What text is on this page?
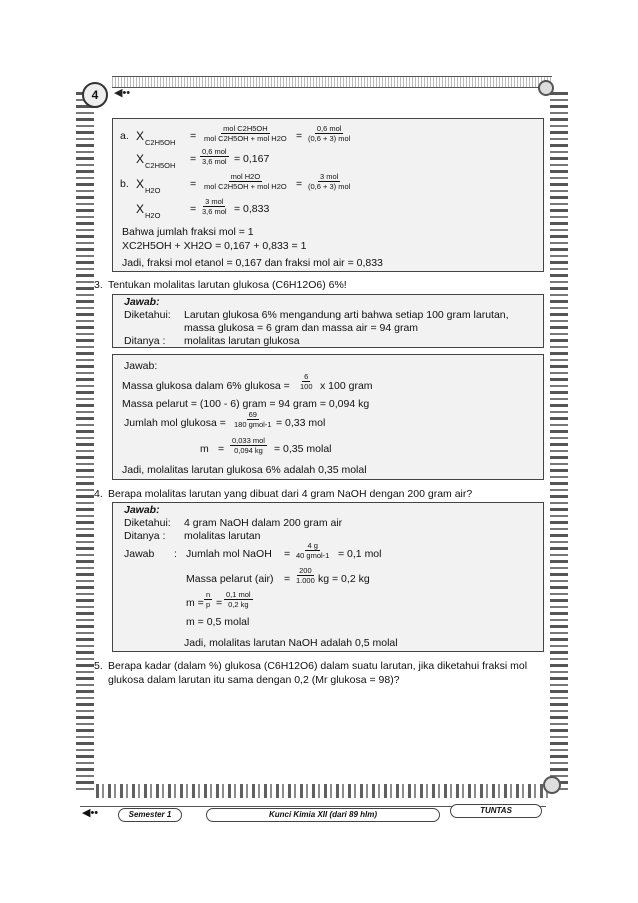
4	◀••
a. X C2H5OH
=
mol C2H5OH
mol C2H5OH + mol H2O =
0,6 mol
(0,6 + 3) mol
X C2H5OH
=
0,6 mol
3,6 mol = 0,167
b. X H2O
=
mol H2O
mol C2H5OH + mol H2O =
3 mol
(0,6 + 3) mol
X H2O
=
3 mol
3,6 mol = 0,833
Bahwa jumlah fraksi mol = 1
XC2H5OH + XH2O = 0,167 + 0,833 = 1
Jadi, fraksi mol etanol = 0,167 dan fraksi mol air = 0,833
3. Tentukan molalitas larutan glukosa (C6H12O6) 6%!
Jawab:
Diketahui: Larutan glukosa 6% mengandung arti bahwa setiap 100 gram larutan,
massa glukosa = 6 gram dan massa air = 94 gram
Ditanya : molalitas larutan glukosa
Jawab:
Massa glukosa dalam 6% glukosa = $\frac{6}{100}$ x 100 gram
Massa pelarut = (100 - 6) gram = 94 gram = 0,094 kg
Jumlah mol glukosa =
69
180 gmol-1 = 0,33 mol
m =
0,033 mol
0,094 kg = 0,35 molal
Jadi, molalitas larutan glukosa 6% adalah 0,35 molal
4. Berapa molalitas larutan yang dibuat dari 4 gram NaOH dengan 200 gram air?
Jawab:
Diketahui: 4 gram NaOH dalam 200 gram air
Ditanya : molalitas larutan
Jawab : Jumlah mol NaOH =
4 g
40 gmol-1 = 0,1 mol
Massa pelarut $(air) = \frac{200}{1.000}$ kg = 0,2 kg
$m = \frac{n}{p}$ =
0,1 mol
0,2 kg
m = 0,5 molal
Jadi, molalitas larutan NaOH adalah 0,5 molal
5. Berapa kadar (dalam %) glukosa (C6H12O6) dalam suatu larutan, jika diketahui fraksi mol
glukosa dalam larutan itu sama dengan 0,2 (Mr glukosa = 98)?
◀••	Semester 1	Kunci Kimia XII (dari 89 hlm)	TUNTAS
